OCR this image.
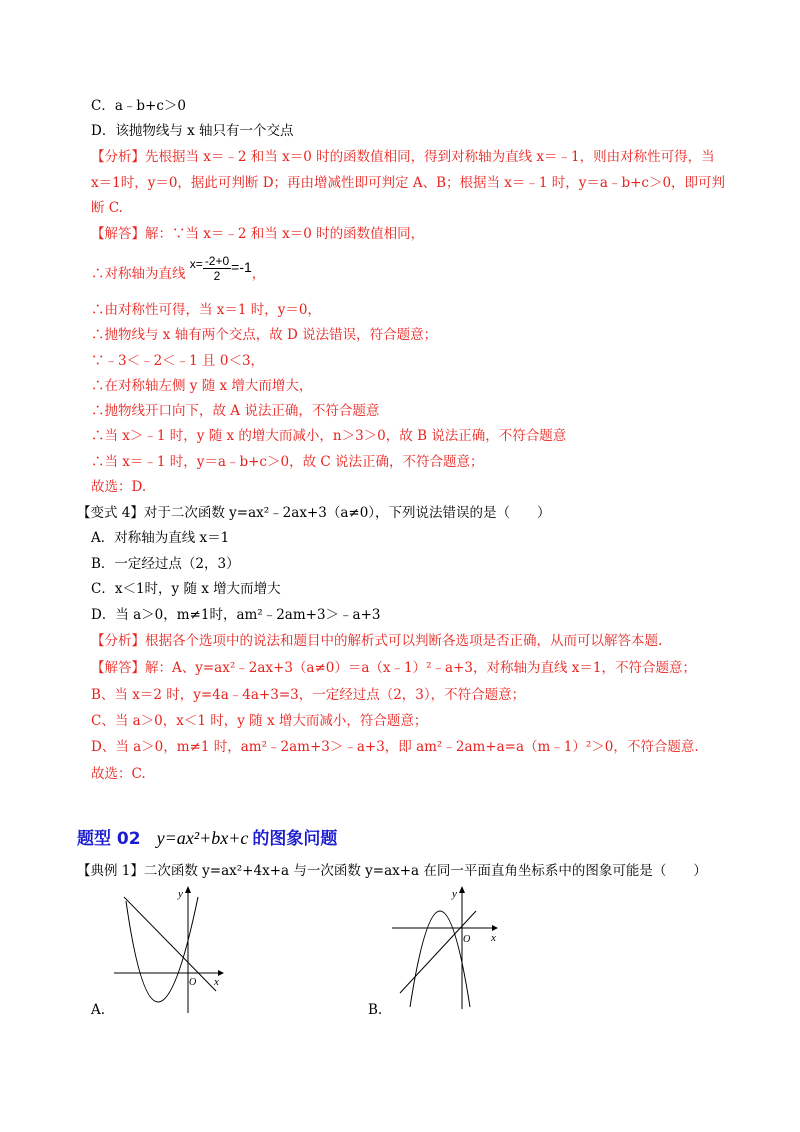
C．a﹣b+c＞0
D．该抛物线与 x 轴只有一个交点
【分析】先根据当 x＝﹣2 和当 x＝0 时的函数值相同，得到对称轴为直线 x＝﹣1，则由对称性可得，当
x＝1时，y＝0，据此可判断 D；再由增减性即可判定 A、B；根据当 x＝﹣1 时，y＝a﹣b+c＞0，即可判
断 C.
【解答】解：∵当 x＝﹣2 和当 x＝0 时的函数值相同，
∴对称轴为直线 $x= \frac{-2+0}{2} =-1$，
∴由对称性可得，当 x＝1 时，y＝0，
∴抛物线与 x 轴有两个交点，故 D 说法错误，符合题意；
∵﹣3＜﹣2＜﹣1 且 0＜3，
∴在对称轴左侧 y 随 x 增大而增大，
∴抛物线开口向下，故 A 说法正确，不符合题意
∴当 x＞﹣1 时，y 随 x 的增大而减小，n＞3＞0，故 B 说法正确，不符合题意
∴当 x＝﹣1 时，y＝a﹣b+c＞0，故 C 说法正确，不符合题意；
故选：D.
【变式 4】对于二次函数 y=ax²﹣2ax+3（a≠0），下列说法错误的是（　　）
A．对称轴为直线 x＝1
B．一定经过点（2，3）
C．x＜1时，y 随 x 增大而增大
D．当 a＞0，m≠1时，am²﹣2am+3＞﹣a+3
【分析】根据各个选项中的说法和题目中的解析式可以判断各选项是否正确，从而可以解答本题.
【解答】解：A、y=ax²﹣2ax+3（a≠0）＝a（x﹣1）²﹣a+3，对称轴为直线 x＝1，不符合题意；
B、当 x＝2 时，y=4a﹣4a+3=3，一定经过点（2，3），不符合题意；
C、当 a＞0，x＜1 时，y 随 x 增大而减小，符合题意；
D、当 a＞0，m≠1 时，am²﹣2am+3＞﹣a+3，即 am²﹣2am+a=a（m﹣1）²＞0，不符合题意.
故选：C.
题型 02 y=ax²+bx+c 的图象问题
【典例 1】二次函数 y=ax²+4x+a 与一次函数 y=ax+a 在同一平面直角坐标系中的图象可能是（　　）
x
y
O
A.
x
y
O
B.
